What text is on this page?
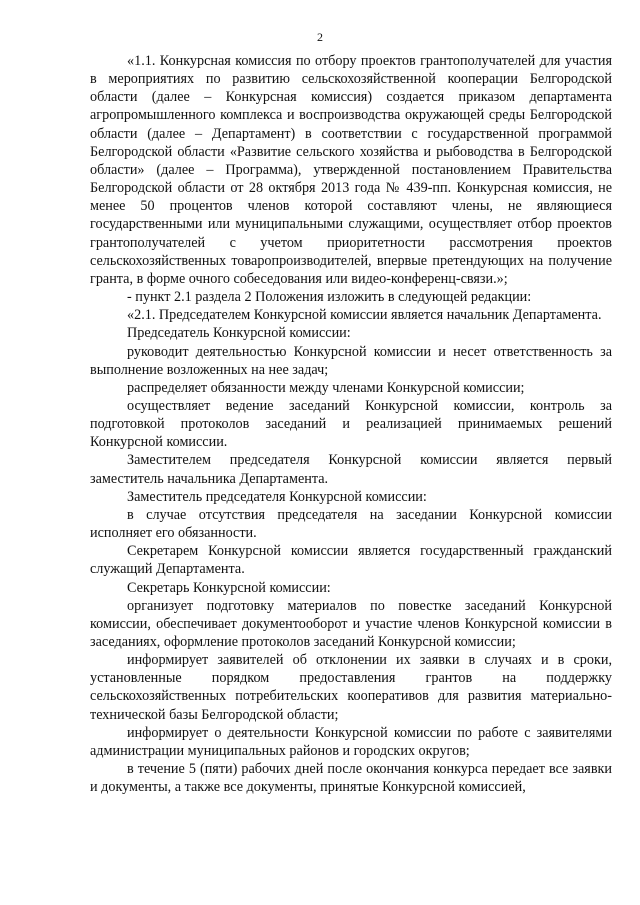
2

«1.1. Конкурсная комиссия по отбору проектов грантополучателей для участия в мероприятиях по развитию сельскохозяйственной кооперации Белгородской области (далее – Конкурсная комиссия) создается приказом департамента агропромышленного комплекса и воспроизводства окружающей среды Белгородской области (далее – Департамент) в соответствии с государственной программой Белгородской области «Развитие сельского хозяйства и рыбоводства в Белгородской области» (далее – Программа), утвержденной постановлением Правительства Белгородской области от 28 октября 2013 года № 439-пп. Конкурсная комиссия, не менее 50 процентов членов которой составляют члены, не являющиеся государственными или муниципальными служащими, осуществляет отбор проектов грантополучателей с учетом приоритетности рассмотрения проектов сельскохозяйственных товаропроизводителей, впервые претендующих на получение гранта, в форме очного собеседования или видео-конференц-связи.»;

- пункт 2.1 раздела 2 Положения изложить в следующей редакции:

«2.1. Председателем Конкурсной комиссии является начальник Департамента.

Председатель Конкурсной комиссии:

руководит деятельностью Конкурсной комиссии и несет ответственность за выполнение возложенных на нее задач;

распределяет обязанности между членами Конкурсной комиссии;

осуществляет ведение заседаний Конкурсной комиссии, контроль за подготовкой протоколов заседаний и реализацией принимаемых решений Конкурсной комиссии.

Заместителем председателя Конкурсной комиссии является первый заместитель начальника Департамента.

Заместитель председателя Конкурсной комиссии:

в случае отсутствия председателя на заседании Конкурсной комиссии исполняет его обязанности.

Секретарем Конкурсной комиссии является государственный гражданский служащий Департамента.

Секретарь Конкурсной комиссии:

организует подготовку материалов по повестке заседаний Конкурсной комиссии, обеспечивает документооборот и участие членов Конкурсной комиссии в заседаниях, оформление протоколов заседаний Конкурсной комиссии;

информирует заявителей об отклонении их заявки в случаях и в сроки, установленные порядком предоставления грантов на поддержку сельскохозяйственных потребительских кооперативов для развития материально-технической базы Белгородской области;

информирует о деятельности Конкурсной комиссии по работе с заявителями администрации муниципальных районов и городских округов;

в течение 5 (пяти) рабочих дней после окончания конкурса передает все заявки и документы, а также все документы, принятые Конкурсной комиссией,
